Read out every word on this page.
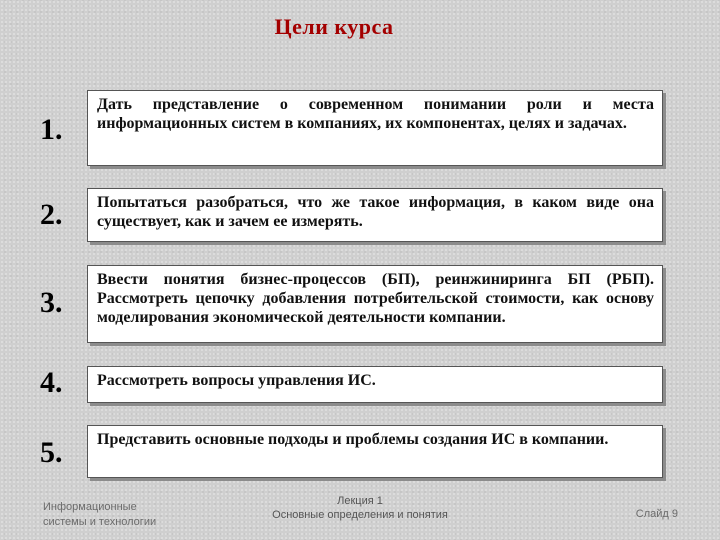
Цели курса
1.
Дать представление о современном понимании роли и места информационных систем в компаниях, их компонентах, целях и задачах.
2.	Попытаться разобраться, что же такое информация, в каком виде она существует, как и зачем ее измерять.
3.
Ввести понятия бизнес-процессов (БП), реинжиниринга БП (РБП). Рассмотреть цепочку добавления потребительской стоимости, как основу моделирования экономической деятельности компании.
4.	Рассмотреть вопросы управления ИС.
5.	Представить основные подходы и проблемы создания ИС в компании.
Информационные
системы и технологии
Лекция 1
Основные определения и понятия	Слайд 9
